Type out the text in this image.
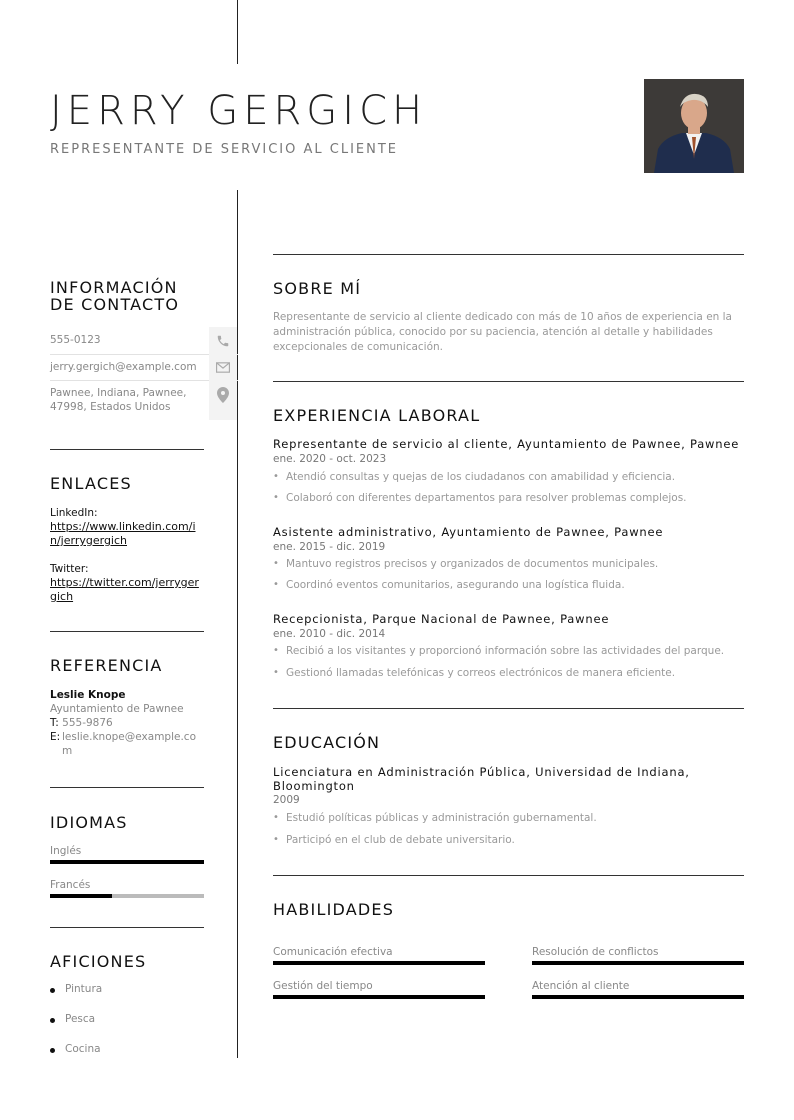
JERRY GERGICH
REPRESENTANTE DE SERVICIO AL CLIENTE
INFORMACIÓN
DE CONTACTO
555-0123
jerry.gergich@example.com
Pawnee, Indiana, Pawnee,
47998, Estados Unidos
ENLACES
LinkedIn:
https://www.linkedin.com/i
n/jerrygergich
Twitter:
https://twitter.com/jerryger
gich
REFERENCIA
Leslie Knope
Ayuntamiento de Pawnee
T: 555-9876
E: leslie.knope@example.co
m
IDIOMAS
Inglés
Francés
AFICIONES
Pintura
Pesca
Cocina
SOBRE MÍ
Representante de servicio al cliente dedicado con más de 10 años de experiencia en la
administración pública, conocido por su paciencia, atención al detalle y habilidades
excepcionales de comunicación.
EXPERIENCIA LABORAL
Representante de servicio al cliente, Ayuntamiento de Pawnee, Pawnee
ene. 2020 - oct. 2023
• Atendió consultas y quejas de los ciudadanos con amabilidad y eficiencia.
• Colaboró con diferentes departamentos para resolver problemas complejos.
Asistente administrativo, Ayuntamiento de Pawnee, Pawnee
ene. 2015 - dic. 2019
• Mantuvo registros precisos y organizados de documentos municipales.
• Coordinó eventos comunitarios, asegurando una logística fluida.
Recepcionista, Parque Nacional de Pawnee, Pawnee
ene. 2010 - dic. 2014
• Recibió a los visitantes y proporcionó información sobre las actividades del parque.
• Gestionó llamadas telefónicas y correos electrónicos de manera eficiente.
EDUCACIÓN
Licenciatura en Administración Pública, Universidad de Indiana,
Bloomington
2009
• Estudió políticas públicas y administración gubernamental.
• Participó en el club de debate universitario.
HABILIDADES
Comunicación efectiva	Resolución de conflictos
Gestión del tiempo	Atención al cliente
